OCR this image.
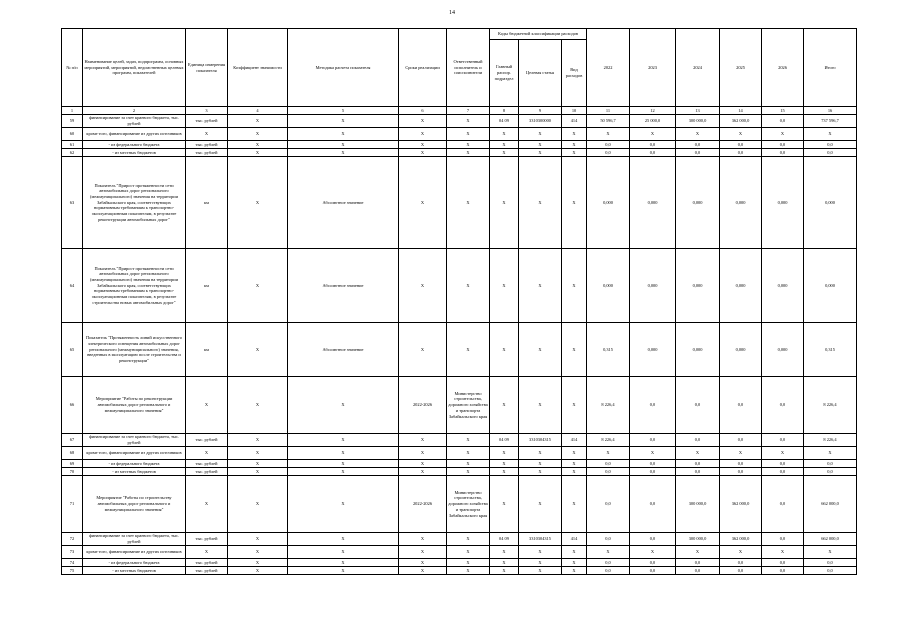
14
№ п/п	Наименование целей, задач, подпрограмм, основных мероприятий, мероприятий, ведомственных целевых программ, показателей	Единица измерения показателя	Коэффициент значимости	Методика расчета показателя	Сроки реализации	Ответственный исполнитель и соисполнители	Коды бюджетной классификации расходов			2022	2023	2024	2025	2026	Итого
							Главный распор. подраздел	Целевая статья	Вид расходов						
1	2	3	4	5	6	7	8	9	10	11	12	13	14	15	16
59	финансирование за счет краевого бюджета, тыс. рублей	тыс. рублей	X	X	X	X	04 09	3310300000	414	50 596,7	25 000,0	300 000,0	362 000,0	0,0	737 596,7
60	кроме того, финансирование из других источников	X	X	X	X	X	X	X	X	X	X	X	X	X	X
61	- из федерального бюджета	тыс. рублей	X	X	X	X	X	X	X	0,0	0,0	0,0	0,0	0,0	0,0
62	- из местных бюджетов	тыс. рублей	X	X	X	X	X	X	X	0,0	0,0	0,0	0,0	0,0	0,0
63	Показатель "Прирост протяженности сети автомобильных дорог регионального (межмуниципального) значения на территории Забайкальского края, соответствующих нормативным требованиям к транспортно-эксплуатационным показателям, в результате реконструкции автомобильных дорог"	км	X	Абсолютное значение	X	X	X	X	X	0,000	0,000	0,000	0,000	0,000	0,000
64	Показатель "Прирост протяженности сети автомобильных дорог регионального (межмуниципального) значения на территории Забайкальского края, соответствующих нормативным требованиям к транспортно-эксплуатационным показателям, в результате строительства новых автомобильных дорог"	км	X	Абсолютное значение	X	X	X	X	X	0,000	0,000	0,000	0,000	0,000	0,000
65	Показатель "Протяженность линий искусственного электрического освещения автомобильных дорог регионального (межмуниципального) значения, введенных в эксплуатацию после строительства и реконструкции"	км	X	Абсолютное значение	X	X	X	X	X	0,315	0,000	0,000	0,000	0,000	0,315
66	Мероприятие "Работы по реконструкции автомобильных дорог регионального и межмуниципального значения"	X	X	X	2022-2026	Министерство строительства, дорожного хозяйства и транспорта Забайкальского края	X	X	X	8 226,4	0,0	0,0	0,0	0,0	8 226,4
67	финансирование за счет краевого бюджета, тыс. рублей	тыс. рублей	X	X	X	X	04 09	3310304315	414	8 226,4	0,0	0,0	0,0	0,0	8 226,4
68	кроме того, финансирование из других источников	X	X	X	X	X	X	X	X	X	X	X	X	X	X
69	- из федерального бюджета	тыс. рублей	X	X	X	X	X	X	X	0,0	0,0	0,0	0,0	0,0	0,0
70	- из местных бюджетов	тыс. рублей	X	X	X	X	X	X	X	0,0	0,0	0,0	0,0	0,0	0,0
71	Мероприятие "Работы по строительству автомобильных дорог регионального и межмуниципального значения"	X	X	X	2022-2026	Министерство строительства, дорожного хозяйства и транспорта Забайкальского края	X	X	X	0,0	0,0	300 000,0	362 000,0	0,0	662 000,0
72	финансирование за счет краевого бюджета, тыс. рублей	тыс. рублей	X	X	X	X	04 09	3310304315	414	0,0	0,0	300 000,0	362 000,0	0,0	662 000,0
73	кроме того, финансирование из других источников	X	X	X	X	X	X	X	X	X	X	X	X	X	X
74	- из федерального бюджета	тыс. рублей	X	X	X	X	X	X	X	0,0	0,0	0,0	0,0	0,0	0,0
75	- из местных бюджетов	тыс. рублей	X	X	X	X	X	X	X	0,0	0,0	0,0	0,0	0,0	0,0
